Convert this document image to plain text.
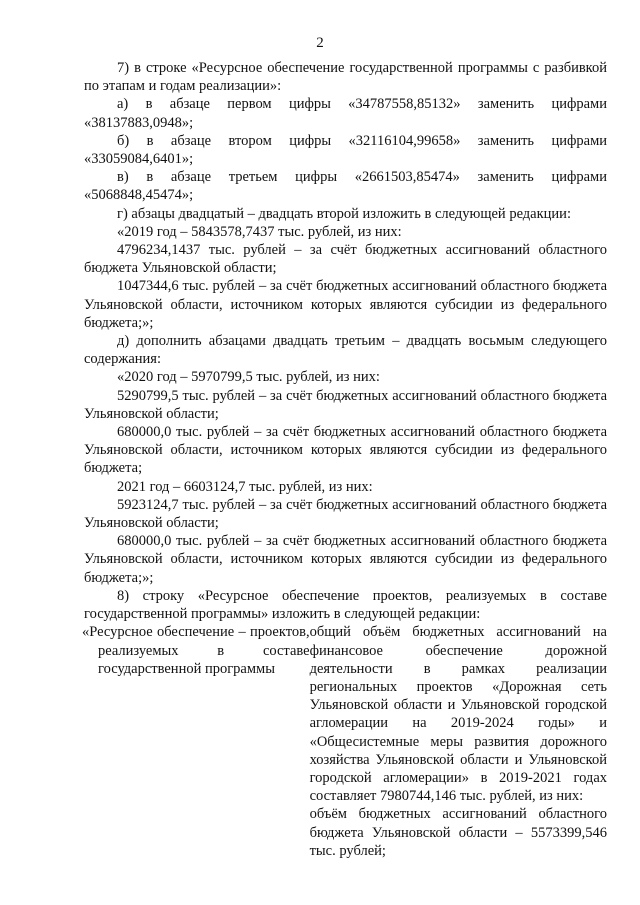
2

7) в строке «Ресурсное обеспечение государственной программы с разбивкой по этапам и годам реализации»:

а) в абзаце первом цифры «34787558,85132» заменить цифрами «38137883,0948»;

б) в абзаце втором цифры «32116104,99658» заменить цифрами «33059084,6401»;

в) в абзаце третьем цифры «2661503,85474» заменить цифрами «5068848,45474»;

г) абзацы двадцатый – двадцать второй изложить в следующей редакции:

«2019 год – 5843578,7437 тыс. рублей, из них:

4796234,1437 тыс. рублей – за счёт бюджетных ассигнований областного бюджета Ульяновской области;

1047344,6 тыс. рублей – за счёт бюджетных ассигнований областного бюджета Ульяновской области, источником которых являются субсидии из федерального бюджета;»;

д) дополнить абзацами двадцать третьим – двадцать восьмым следующего содержания:

«2020 год – 5970799,5 тыс. рублей, из них:

5290799,5 тыс. рублей – за счёт бюджетных ассигнований областного бюджета Ульяновской области;

680000,0 тыс. рублей – за счёт бюджетных ассигнований областного бюджета Ульяновской области, источником которых являются субсидии из федерального бюджета;

2021 год – 6603124,7 тыс. рублей, из них:

5923124,7 тыс. рублей – за счёт бюджетных ассигнований областного бюджета Ульяновской области;

680000,0 тыс. рублей – за счёт бюджетных ассигнований областного бюджета Ульяновской области, источником которых являются субсидии из федерального бюджета;»;

8) строку «Ресурсное обеспечение проектов, реализуемых в составе государственной программы» изложить в следующей редакции:

«Ресурсное обеспечение – проектов, реализуемых в составе государственной программы

общий объём бюджетных ассигнований на финансовое обеспечение дорожной деятельности в рамках реализации региональных проектов «Дорожная сеть Ульяновской области и Ульяновской городской агломерации на 2019-2024 годы» и «Общесистемные меры развития дорожного хозяйства Ульяновской области и Ульяновской городской агломерации» в 2019-2021 годах составляет 7980744,146 тыс. рублей, из них:

объём бюджетных ассигнований областного бюджета Ульяновской области – 5573399,546 тыс. рублей;
